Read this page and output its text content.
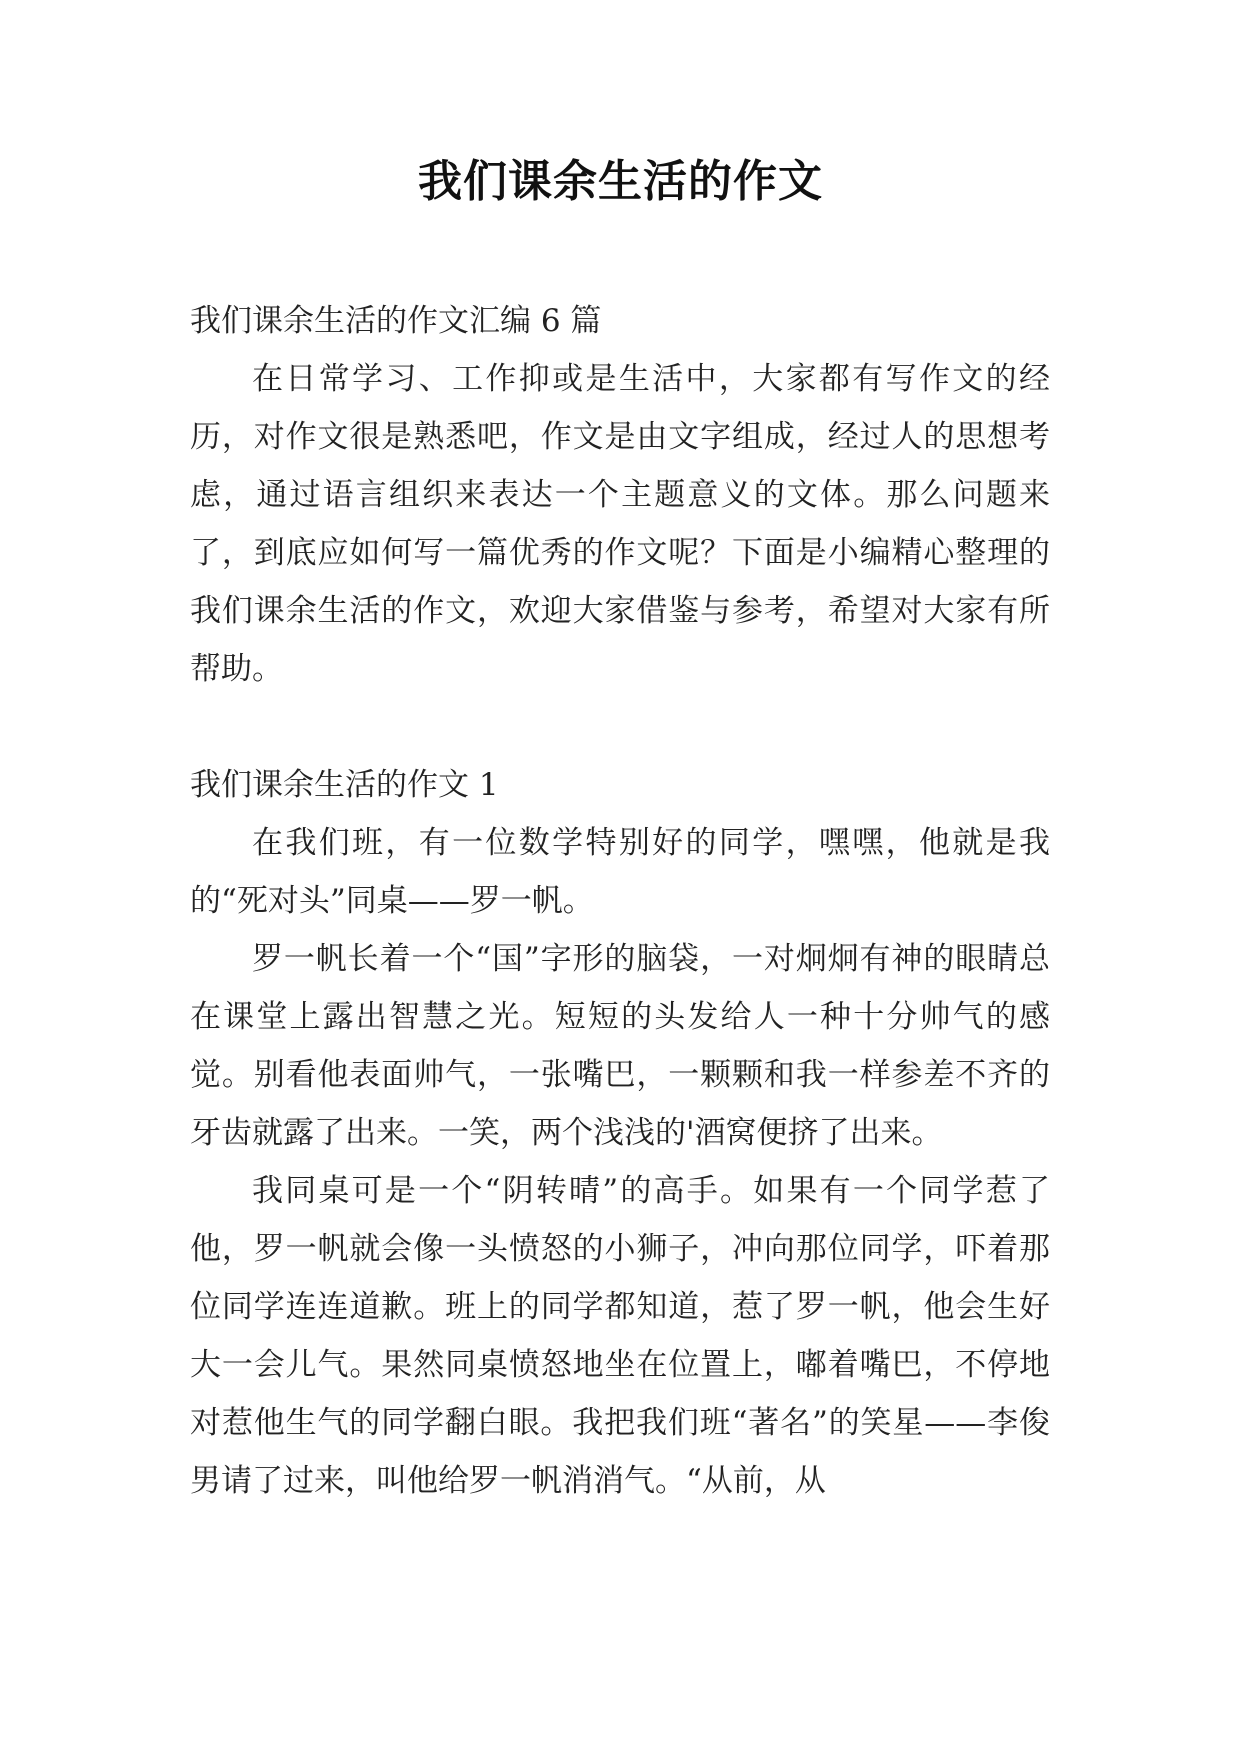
我们课余生活的作文

我们课余生活的作文汇编 6 篇

在日常学习、工作抑或是生活中，大家都有写作文的经历，对作文很是熟悉吧，作文是由文字组成，经过人的思想考虑，通过语言组织来表达一个主题意义的文体。那么问题来了，到底应如何写一篇优秀的作文呢？下面是小编精心整理的我们课余生活的作文，欢迎大家借鉴与参考，希望对大家有所帮助。

我们课余生活的作文 1

在我们班，有一位数学特别好的同学，嘿嘿，他就是我的“死对头”同桌——罗一帆。

罗一帆长着一个“国”字形的脑袋，一对炯炯有神的眼睛总在课堂上露出智慧之光。短短的头发给人一种十分帅气的感觉。别看他表面帅气，一张嘴巴，一颗颗和我一样参差不齐的牙齿就露了出来。一笑，两个浅浅的'酒窝便挤了出来。

我同桌可是一个“阴转晴”的高手。如果有一个同学惹了他，罗一帆就会像一头愤怒的小狮子，冲向那位同学，吓着那位同学连连道歉。班上的同学都知道，惹了罗一帆，他会生好大一会儿气。果然同桌愤怒地坐在位置上，嘟着嘴巴，不停地对惹他生气的同学翻白眼。我把我们班“著名”的笑星——李俊男请了过来，叫他给罗一帆消消气。“从前，从
